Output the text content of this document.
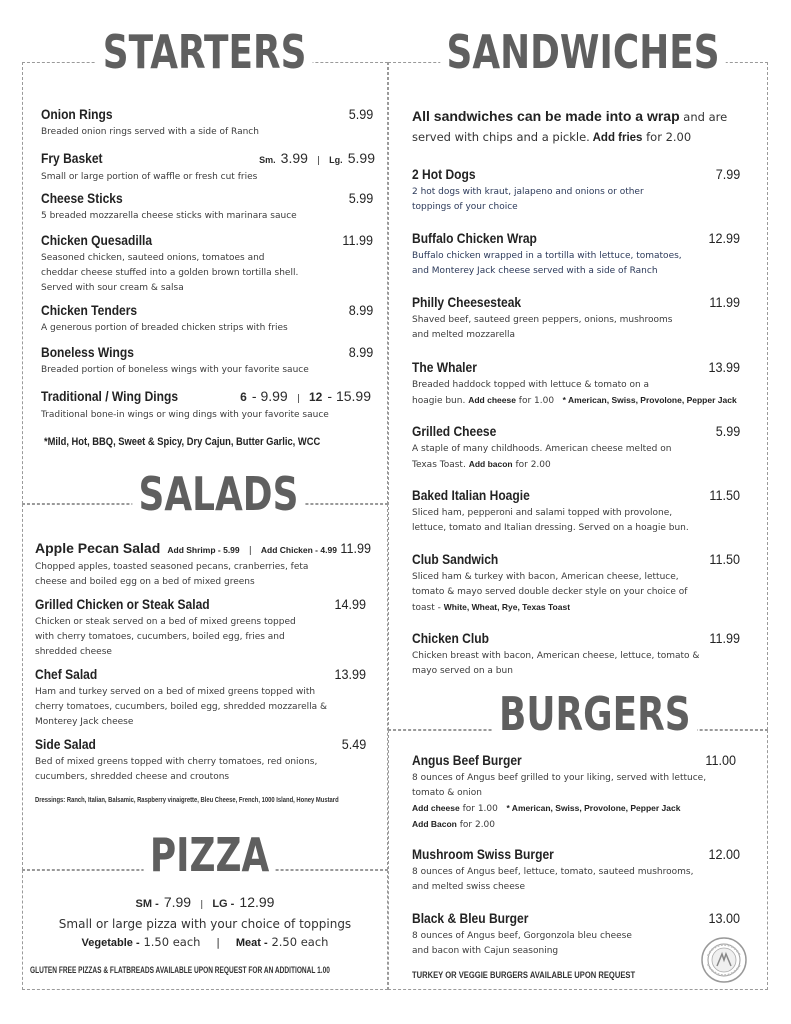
STARTERS	SANDWICHES
SALADS
PIZZA
BURGERS
Onion Rings	5.99
Breaded onion rings served with a side of Ranch
Fry Basket	Sm. 3.99 | Lg. 5.99
Small or large portion of waffle or fresh cut fries
Cheese Sticks	5.99
5 breaded mozzarella cheese sticks with marinara sauce
Chicken Quesadilla	11.99
Seasoned chicken, sauteed onions, tomatoes and
cheddar cheese stuffed into a golden brown tortilla shell.
Served with sour cream & salsa
Chicken Tenders	8.99
A generous portion of breaded chicken strips with fries
Boneless Wings	8.99
Breaded portion of boneless wings with your favorite sauce
Traditional / Wing Dings	6 - 9.99 | 12 - 15.99
Traditional bone-in wings or wing dings with your favorite sauce
*Mild, Hot, BBQ, Sweet & Spicy, Dry Cajun, Butter Garlic, WCC
Apple Pecan Salad Add Shrimp - 5.99 | Add Chicken - 4.99 11.99
Chopped apples, toasted seasoned pecans, cranberries, feta
cheese and boiled egg on a bed of mixed greens
Grilled Chicken or Steak Salad	14.99
Chicken or steak served on a bed of mixed greens topped
with cherry tomatoes, cucumbers, boiled egg, fries and
shredded cheese
Chef Salad	13.99
Ham and turkey served on a bed of mixed greens topped with
cherry tomatoes, cucumbers, boiled egg, shredded mozzarella &
Monterey Jack cheese
Side Salad	5.49
Bed of mixed greens topped with cherry tomatoes, red onions,
cucumbers, shredded cheese and croutons
Dressings: Ranch, Italian, Balsamic, Raspberry vinaigrette, Bleu Cheese, French, 1000 Island, Honey Mustard
SM - 7.99 | LG - 12.99
Small or large pizza with your choice of toppings
Vegetable - 1.50 each | Meat - 2.50 each
GLUTEN FREE PIZZAS & FLATBREADS AVAILABLE UPON REQUEST FOR AN ADDITIONAL 1.00
All sandwiches can be made into a wrap and are served with chips and a pickle. Add fries for 2.00
2 Hot Dogs	7.99
2 hot dogs with kraut, jalapeno and onions or other
toppings of your choice
Buffalo Chicken Wrap	12.99
Buffalo chicken wrapped in a tortilla with lettuce, tomatoes,
and Monterey Jack cheese served with a side of Ranch
Philly Cheesesteak	11.99
Shaved beef, sauteed green peppers, onions, mushrooms
and melted mozzarella
The Whaler	13.99
Breaded haddock topped with lettuce & tomato on a
hoagie bun. Add cheese for 1.00 * American, Swiss, Provolone, Pepper Jack
Grilled Cheese	5.99
A staple of many childhoods. American cheese melted on
Texas Toast. Add bacon for 2.00
Baked Italian Hoagie	11.50
Sliced ham, pepperoni and salami topped with provolone,
lettuce, tomato and Italian dressing. Served on a hoagie bun.
Club Sandwich	11.50
Sliced ham & turkey with bacon, American cheese, lettuce,
tomato & mayo served double decker style on your choice of
toast - White, Wheat, Rye, Texas Toast
Chicken Club	11.99
Chicken breast with bacon, American cheese, lettuce, tomato &
mayo served on a bun
Angus Beef Burger	11.00
8 ounces of Angus beef grilled to your liking, served with lettuce,
tomato & onion
Add cheese for 1.00 * American, Swiss, Provolone, Pepper Jack
Add Bacon for 2.00
Mushroom Swiss Burger	12.00
8 ounces of Angus beef, lettuce, tomato, sauteed mushrooms,
and melted swiss cheese
Black & Bleu Burger	13.00
8 ounces of Angus beef, Gorgonzola bleu cheese
and bacon with Cajun seasoning
TURKEY OR VEGGIE BURGERS AVAILABLE UPON REQUEST
